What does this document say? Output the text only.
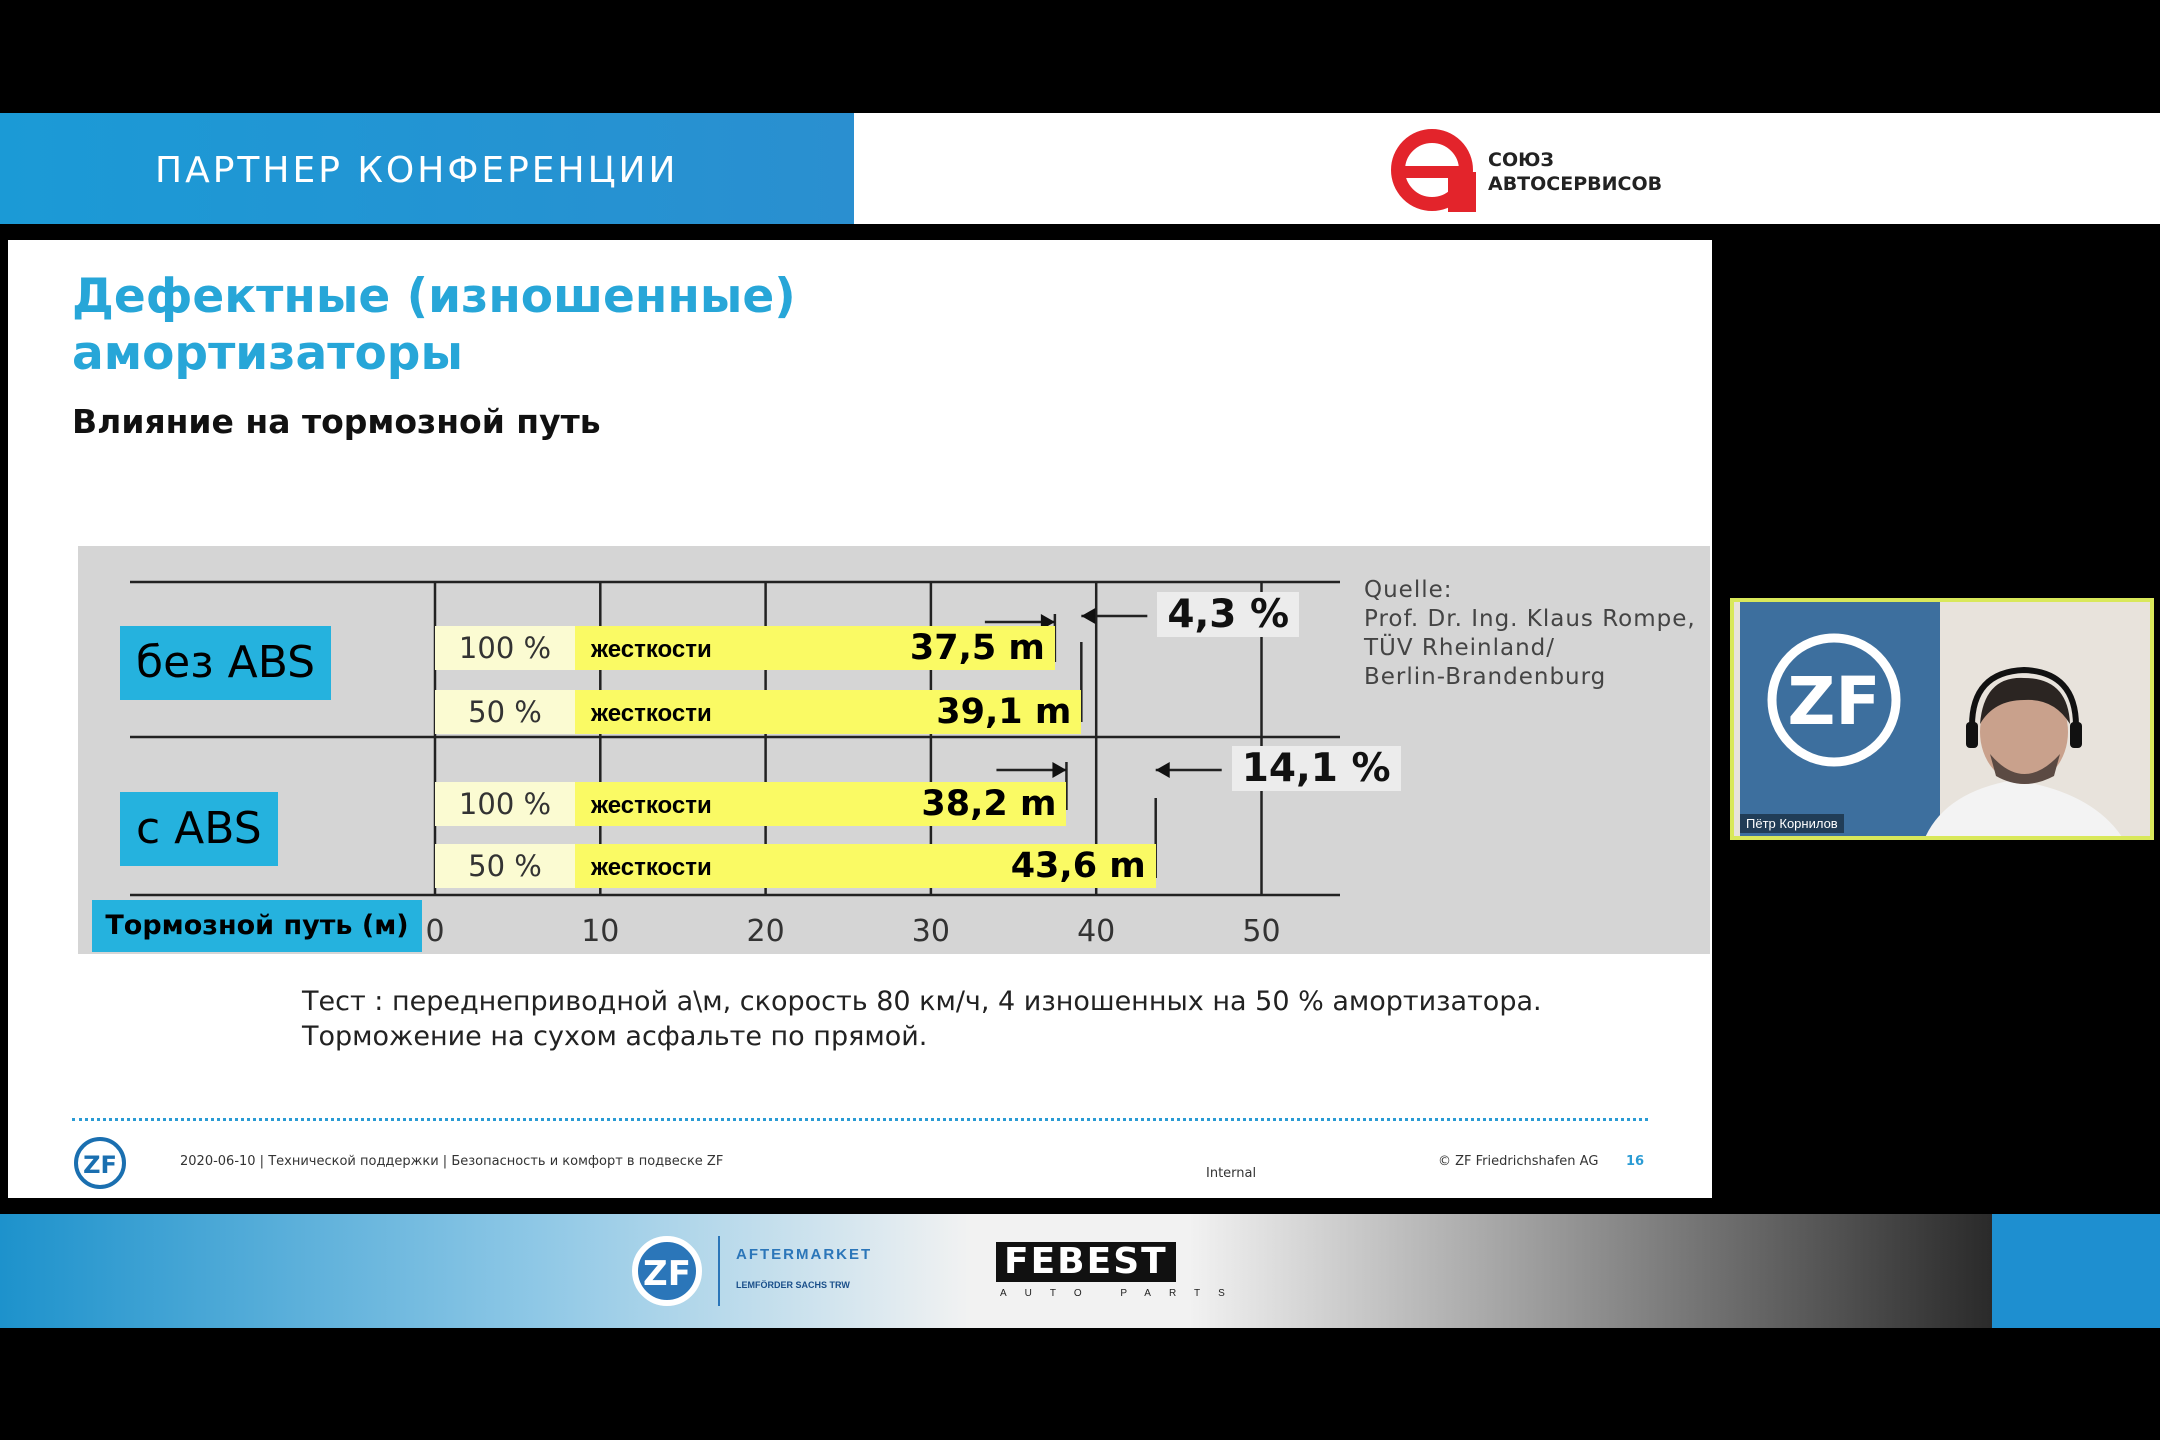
ПАРТНЕР КОНФЕРЕНЦИИ	СОЮЗ
АВТОСЕРВИСОВ
Дефектные (изношенные)
амортизаторы
Влияние на тормозной путь
0	10	20	30	40	50
без ABS
с ABS
100 %	жесткости	37,5 m
50 %	жесткости	39,1 m
100 %	жесткости	38,2 m
50 %	жесткости	43,6 m
4,3 %
14,1 %
Quelle:
Prof. Dr. Ing. Klaus Rompe,
TÜV Rheinland/
Berlin-Brandenburg
Тормозной путь (м)
Тест : переднеприводной а\м, скорость 80 км/ч, 4 изношенных на 50 % амортизатора.
Торможение на сухом асфальте по прямой.
ZF	2020-06-10 | Технической поддержки | Безопасность и комфорт в подвеске ZF
Internal
© ZF Friedrichshafen AG 16
ZF
Пётр Корнилов
ZF	AFTERMARKET
LEMFÖRDER SACHS TRW
FEBEST
AUTO PARTS
